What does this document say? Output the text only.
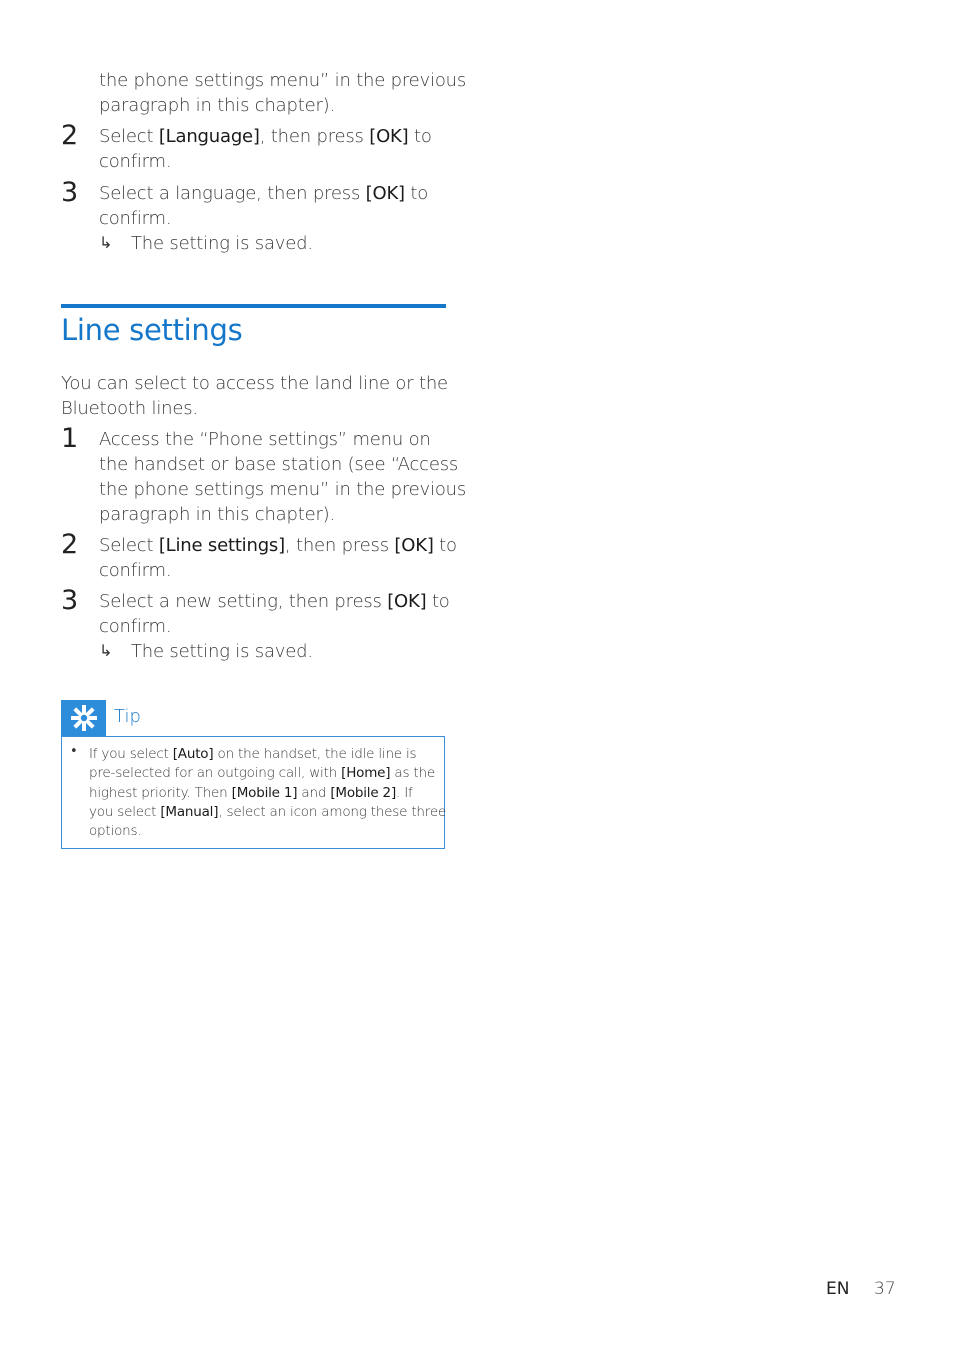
the phone settings menu” in the previous
paragraph in this chapter).
2 Select [Language], then press [OK] to
confirm.
3 Select a language, then press [OK] to
confirm.
↳ The setting is saved.
Line settings
You can select to access the land line or the
Bluetooth lines.
1 Access the “Phone settings” menu on
the handset or base station (see “Access
the phone settings menu” in the previous
paragraph in this chapter).
2 Select [Line settings], then press [OK] to
confirm.
3 Select a new setting, then press [OK] to
confirm.
↳ The setting is saved.
Tip
• If you select [Auto] on the handset, the idle line is
pre-selected for an outgoing call, with [Home] as the
highest priority. Then [Mobile 1] and [Mobile 2]. If
you select [Manual], select an icon among these three
options.
EN 37
